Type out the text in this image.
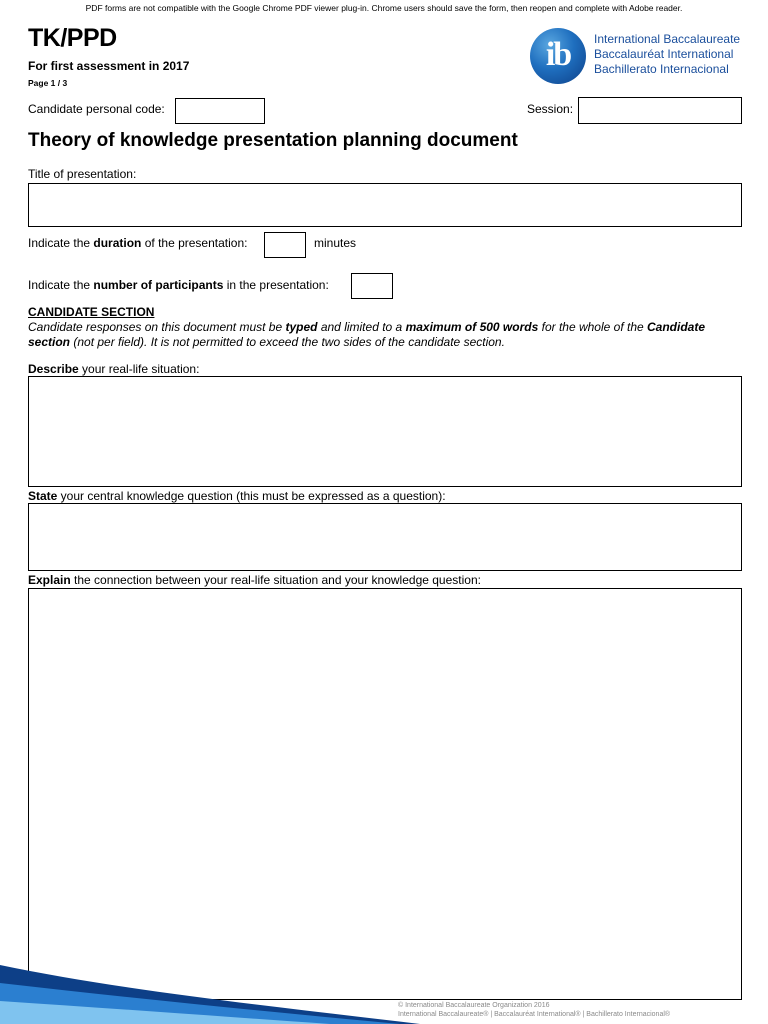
PDF forms are not compatible with the Google Chrome PDF viewer plug-in. Chrome users should save the form, then reopen and complete with Adobe reader.
TK/PPD
For first assessment in 2017
Page 1 / 3
ib	International Baccalaureate
Baccalauréat International
Bachillerato Internacional
Candidate personal code:	Session:
Theory of knowledge presentation planning document
Title of presentation:
Indicate the duration of the presentation:	minutes
Indicate the number of participants in the presentation:
CANDIDATE SECTION
Candidate responses on this document must be typed and limited to a maximum of 500 words for the whole of the Candidate section (not per field). It is not permitted to exceed the two sides of the candidate section.
Describe your real-life situation:
State your central knowledge question (this must be expressed as a question):
Explain the connection between your real-life situation and your knowledge question:
© International Baccalaureate Organization 2016
International Baccalaureate® | Baccalauréat International® | Bachillerato Internacional®
